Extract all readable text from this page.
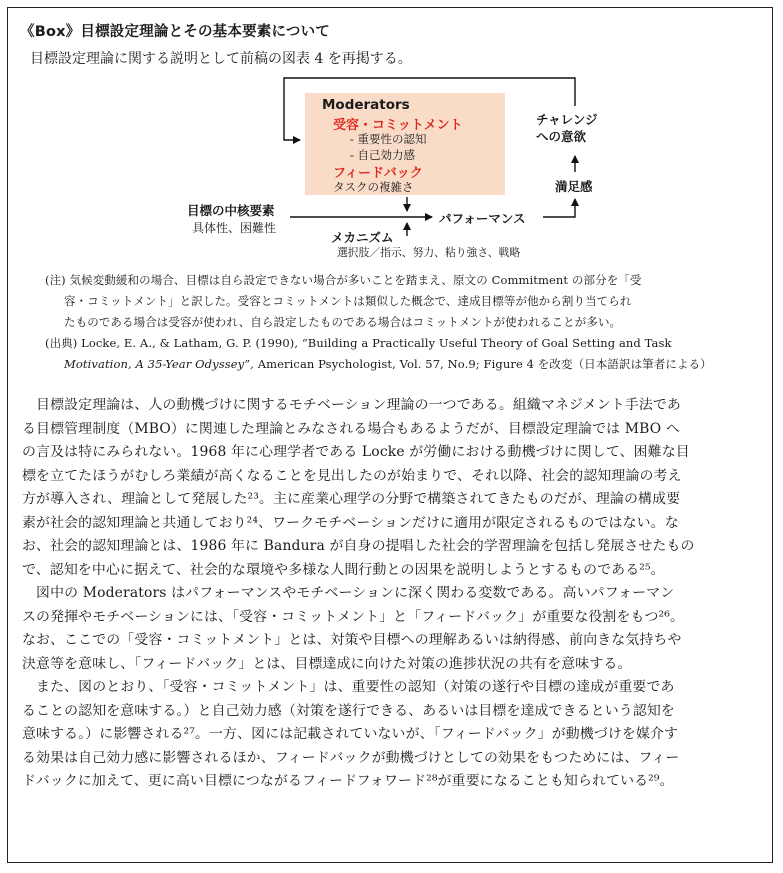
《Box》目標設定理論とその基本要素について
目標設定理論に関する説明として前稿の図表 4 を再掲する。
Moderators
受容・コミットメント
- 重要性の認知
- 自己効力感
フィードバック
タスクの複雑さ
チャレンジ
への意欲
満足感
目標の中核要素
具体性、困難性
パフォーマンス
メカニズム
選択肢／指示、努力、粘り強さ、戦略
(注) 気候変動緩和の場合、目標は自ら設定できない場合が多いことを踏まえ、原文の Commitment の部分を「受
容・コミットメント」と訳した。受容とコミットメントは類似した概念で、達成目標等が他から割り当てられ
たものである場合は受容が使われ、自ら設定したものである場合はコミットメントが使われることが多い。
(出典) Locke, E. A., & Latham, G. P. (1990), “Building a Practically Useful Theory of Goal Setting and Task
Motivation, A 35-Year Odyssey”, American Psychologist, Vol. 57, No.9; Figure 4 を改変（日本語訳は筆者による）
　目標設定理論は、人の動機づけに関するモチベーション理論の一つである。組織マネジメント手法であ
る目標管理制度（MBO）に関連した理論とみなされる場合もあるようだが、目標設定理論では MBO へ
の言及は特にみられない。1968 年に心理学者である Locke が労働における動機づけに関して、困難な目
標を立てたほうがむしろ業績が高くなることを見出したのが始まりで、それ以降、社会的認知理論の考え
方が導入され、理論として発展した²³。主に産業心理学の分野で構築されてきたものだが、理論の構成要
素が社会的認知理論と共通しており²⁴、ワークモチベーションだけに適用が限定されるものではない。な
お、社会的認知理論とは、1986 年に Bandura が自身の提唱した社会的学習理論を包括し発展させたもの
で、認知を中心に据えて、社会的な環境や多様な人間行動との因果を説明しようとするものである²⁵。
　図中の Moderators はパフォーマンスやモチベーションに深く関わる変数である。高いパフォーマン
スの発揮やモチベーションには、「受容・コミットメント」と「フィードバック」が重要な役割をもつ²⁶。
なお、ここでの「受容・コミットメント」とは、対策や目標への理解あるいは納得感、前向きな気持ちや
決意等を意味し、「フィードバック」とは、目標達成に向けた対策の進捗状況の共有を意味する。
　また、図のとおり、「受容・コミットメント」は、重要性の認知（対策の遂行や目標の達成が重要であ
ることの認知を意味する。）と自己効力感（対策を遂行できる、あるいは目標を達成できるという認知を
意味する。）に影響される²⁷。一方、図には記載されていないが、「フィードバック」が動機づけを媒介す
る効果は自己効力感に影響されるほか、フィードバックが動機づけとしての効果をもつためには、フィー
ドバックに加えて、更に高い目標につながるフィードフォワード²⁸が重要になることも知られている²⁹。
